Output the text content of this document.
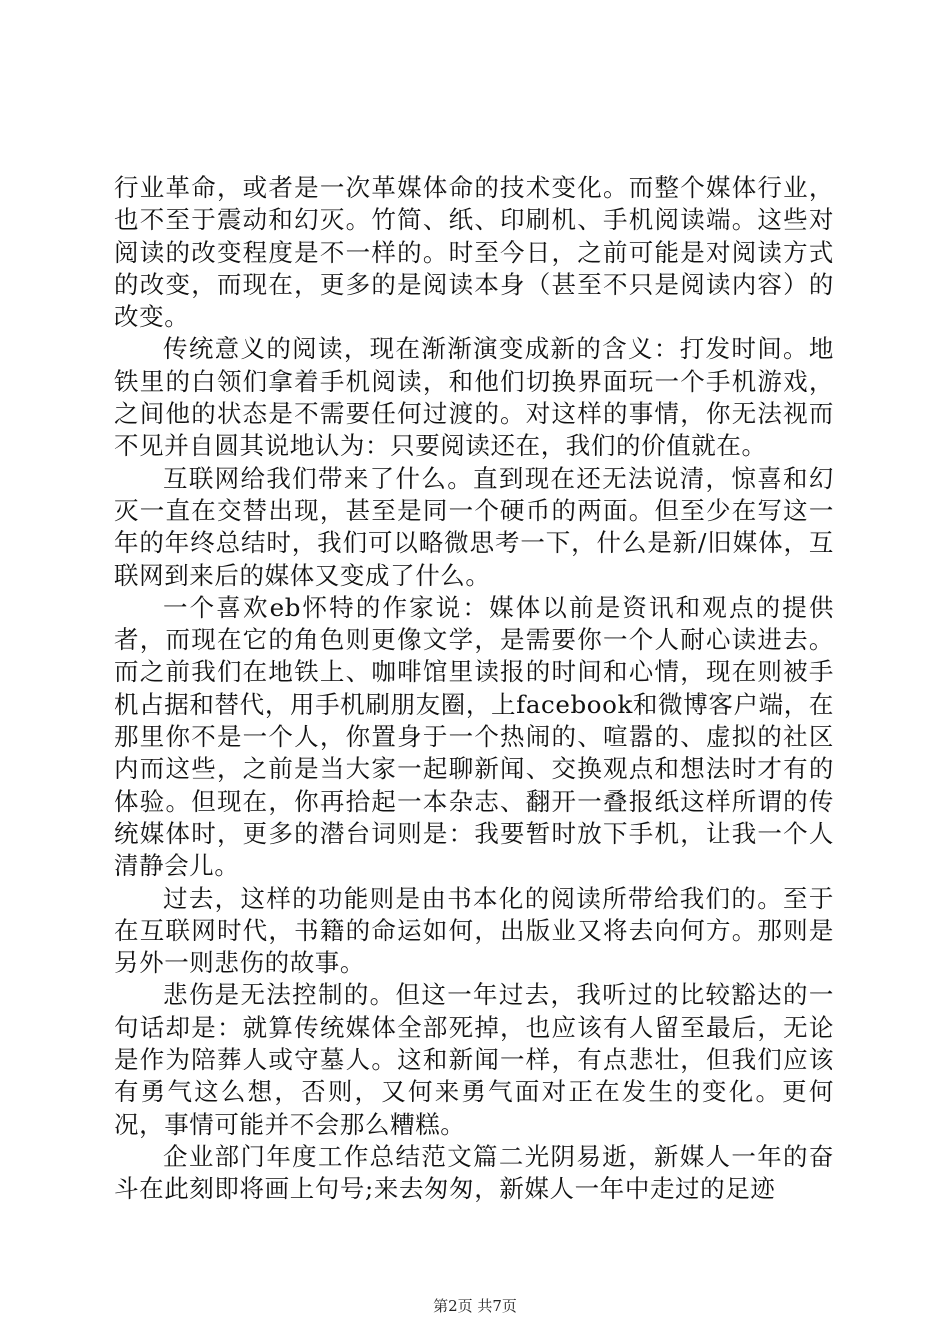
行业革命，或者是一次革媒体命的技术变化。而整个媒体行业，也不至于震动和幻灭。竹简、纸、印刷机、手机阅读端。这些对阅读的改变程度是不一样的。时至今日，之前可能是对阅读方式的改变，而现在，更多的是阅读本身（甚至不只是阅读内容）的改变。

传统意义的阅读，现在渐渐演变成新的含义：打发时间。地铁里的白领们拿着手机阅读，和他们切换界面玩一个手机游戏，之间他的状态是不需要任何过渡的。对这样的事情，你无法视而不见并自圆其说地认为：只要阅读还在，我们的价值就在。

互联网给我们带来了什么。直到现在还无法说清，惊喜和幻灭一直在交替出现，甚至是同一个硬币的两面。但至少在写这一年的年终总结时，我们可以略微思考一下，什么是新/旧媒体，互联网到来后的媒体又变成了什么。

一个喜欢eb怀特的作家说：媒体以前是资讯和观点的提供者，而现在它的角色则更像文学，是需要你一个人耐心读进去。而之前我们在地铁上、咖啡馆里读报的时间和心情，现在则被手机占据和替代，用手机刷朋友圈，上facebook和微博客户端，在那里你不是一个人，你置身于一个热闹的、喧嚣的、虚拟的社区内而这些，之前是当大家一起聊新闻、交换观点和想法时才有的体验。但现在，你再拾起一本杂志、翻开一叠报纸这样所谓的传统媒体时，更多的潜台词则是：我要暂时放下手机，让我一个人清静会儿。

过去，这样的功能则是由书本化的阅读所带给我们的。至于在互联网时代，书籍的命运如何，出版业又将去向何方。那则是另外一则悲伤的故事。

悲伤是无法控制的。但这一年过去，我听过的比较豁达的一句话却是：就算传统媒体全部死掉，也应该有人留至最后，无论是作为陪葬人或守墓人。这和新闻一样，有点悲壮，但我们应该有勇气这么想，否则，又何来勇气面对正在发生的变化。更何况，事情可能并不会那么糟糕。

企业部门年度工作总结范文篇二光阴易逝，新媒人一年的奋斗在此刻即将画上句号;来去匆匆，新媒人一年中走过的足迹

第2页 共7页
